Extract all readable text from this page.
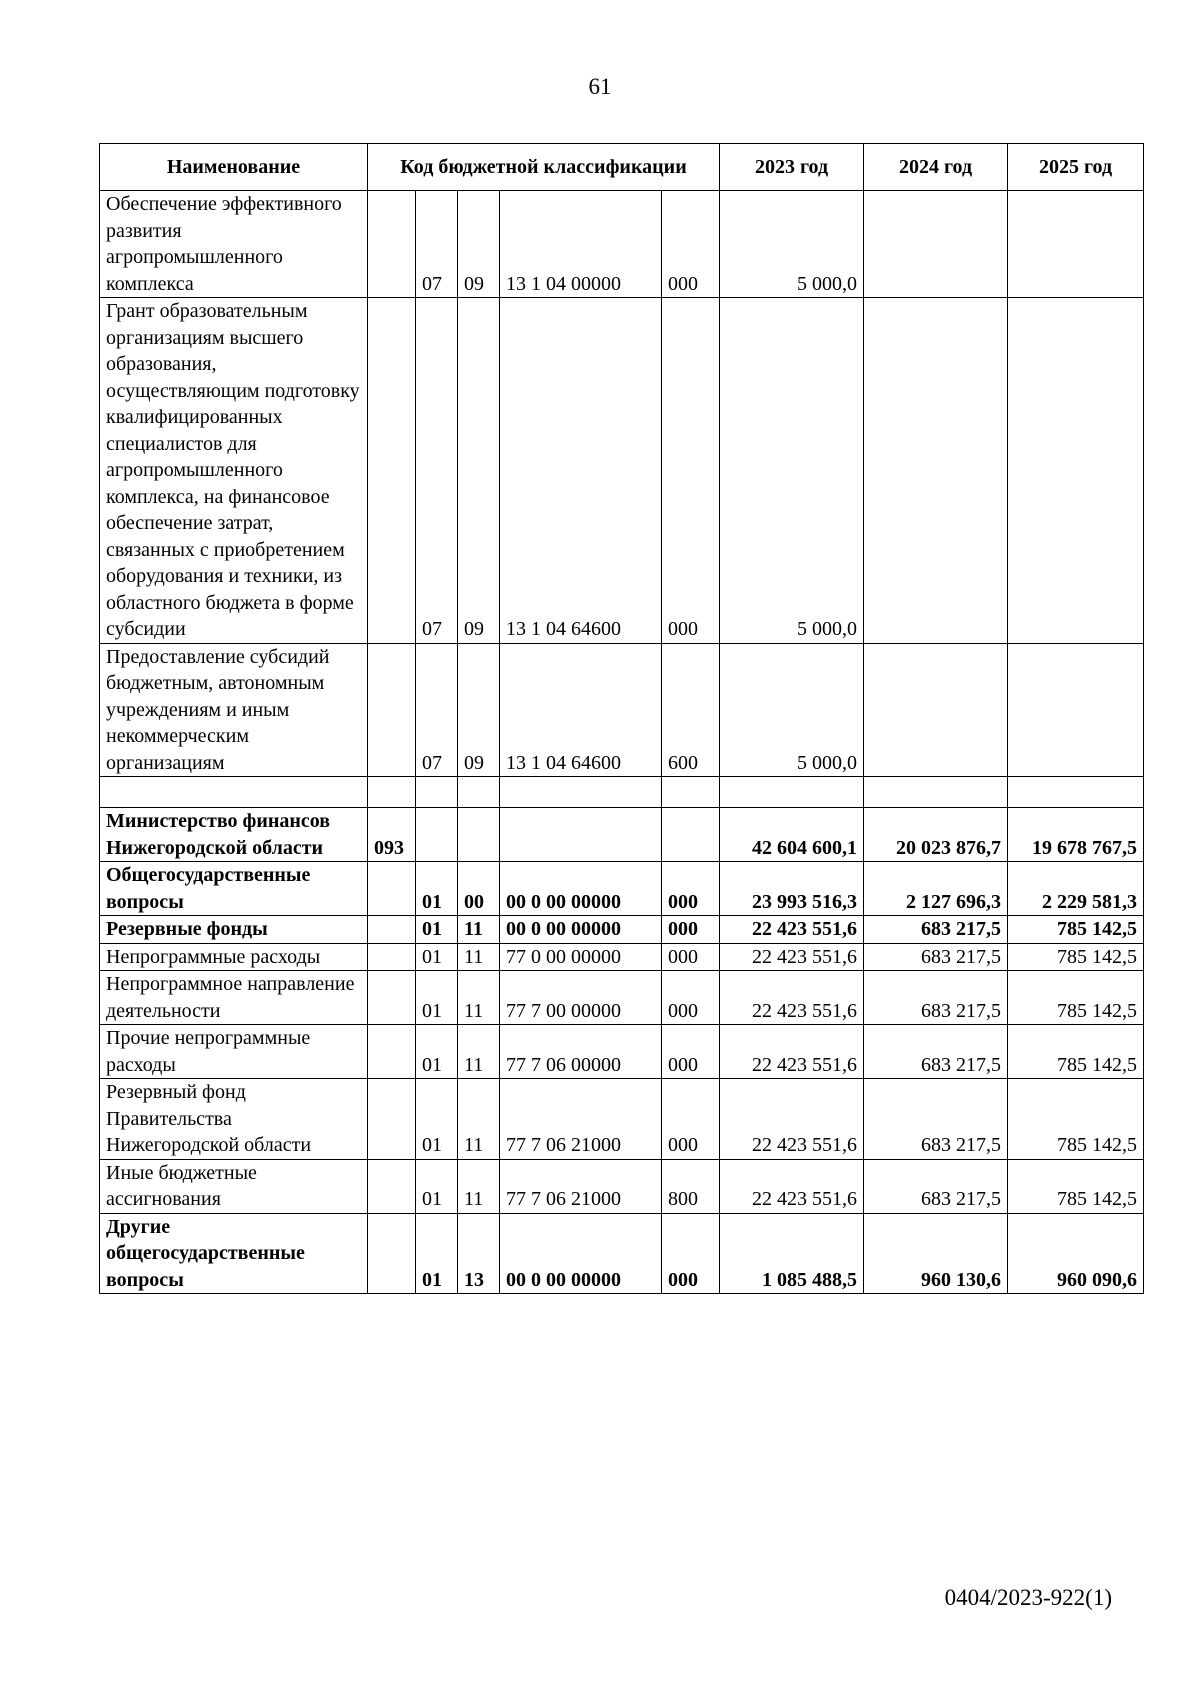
61
Наименование	Код бюджетной классификации					2023 год	2024 год	2025 год
Обеспечение эффективного развития агропромышленного комплекса		07	09	13 1 04 00000	000	5 000,0		
Грант образовательным организациям высшего образования, осуществляющим подготовку квалифицированных специалистов для агропромышленного комплекса, на финансовое обеспечение затрат, связанных с приобретением оборудования и техники, из областного бюджета в форме субсидии		07	09	13 1 04 64600	000	5 000,0		
Предоставление субсидий бюджетным, автономным учреждениям и иным некоммерческим организациям		07	09	13 1 04 64600	600	5 000,0		

Министерство финансов Нижегородской области	093					42 604 600,1	20 023 876,7	19 678 767,5
Общегосударственные вопросы		01	00	00 0 00 00000	000	23 993 516,3	2 127 696,3	2 229 581,3
Резервные фонды		01	11	00 0 00 00000	000	22 423 551,6	683 217,5	785 142,5
Непрограммные расходы		01	11	77 0 00 00000	000	22 423 551,6	683 217,5	785 142,5
Непрограммное направление деятельности		01	11	77 7 00 00000	000	22 423 551,6	683 217,5	785 142,5
Прочие непрограммные расходы		01	11	77 7 06 00000	000	22 423 551,6	683 217,5	785 142,5
Резервный фонд Правительства Нижегородской области		01	11	77 7 06 21000	000	22 423 551,6	683 217,5	785 142,5
Иные бюджетные ассигнования		01	11	77 7 06 21000	800	22 423 551,6	683 217,5	785 142,5
Другие общегосударственные вопросы		01	13	00 0 00 00000	000	1 085 488,5	960 130,6	960 090,6
0404/2023-922(1)
